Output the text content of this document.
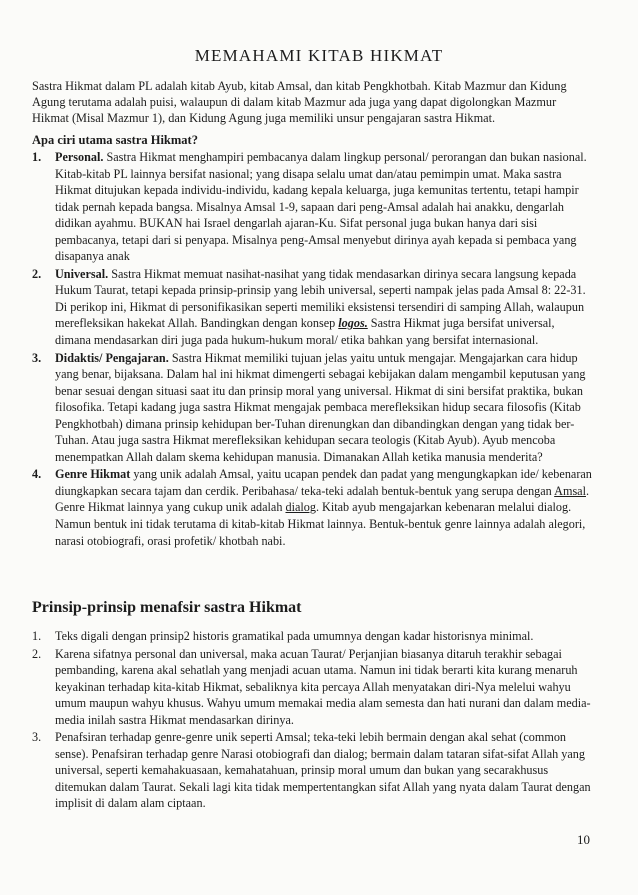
MEMAHAMI KITAB HIKMAT

Sastra Hikmat dalam PL adalah kitab Ayub, kitab Amsal, dan kitab Pengkhotbah. Kitab Mazmur dan Kidung Agung terutama adalah puisi, walaupun di dalam kitab Mazmur ada juga yang dapat digolongkan Mazmur Hikmat (Misal Mazmur 1), dan Kidung Agung juga memiliki unsur pengajaran sastra Hikmat.

Apa ciri utama sastra Hikmat?
1. Personal. Sastra Hikmat menghampiri pembacanya dalam lingkup personal/ perorangan dan bukan nasional. Kitab-kitab PL lainnya bersifat nasional; yang disapa selalu umat dan/atau pemimpin umat. Maka sastra Hikmat ditujukan kepada individu-individu, kadang kepala keluarga, juga kemunitas tertentu, tetapi hampir tidak pernah kepada bangsa. Misalnya Amsal 1-9, sapaan dari peng-Amsal adalah hai anakku, dengarlah didikan ayahmu. BUKAN hai Israel dengarlah ajaran-Ku. Sifat personal juga bukan hanya dari sisi pembacanya, tetapi dari si penyapa. Misalnya peng-Amsal menyebut dirinya ayah kepada si pembaca yang disapanya anak
2. Universal. Sastra Hikmat memuat nasihat-nasihat yang tidak mendasarkan dirinya secara langsung kepada Hukum Taurat, tetapi kepada prinsip-prinsip yang lebih universal, seperti nampak jelas pada Amsal 8: 22-31. Di perikop ini, Hikmat di personifikasikan seperti memiliki eksistensi tersendiri di samping Allah, walaupun merefleksikan hakekat Allah. Bandingkan dengan konsep logos. Sastra Hikmat juga bersifat universal, dimana mendasarkan diri juga pada hukum-hukum moral/ etika bahkan yang bersifat internasional.
3. Didaktis/ Pengajaran. Sastra Hikmat memiliki tujuan jelas yaitu untuk mengajar. Mengajarkan cara hidup yang benar, bijaksana. Dalam hal ini hikmat dimengerti sebagai kebijakan dalam mengambil keputusan yang benar sesuai dengan situasi saat itu dan prinsip moral yang universal. Hikmat di sini bersifat praktika, bukan filosofika. Tetapi kadang juga sastra Hikmat mengajak pembaca merefleksikan hidup secara filosofis (Kitab Pengkhotbah) dimana prinsip kehidupan ber-Tuhan direnungkan dan dibandingkan dengan yang tidak ber-Tuhan. Atau juga sastra Hikmat merefleksikan kehidupan secara teologis (Kitab Ayub). Ayub mencoba menempatkan Allah dalam skema kehidupan manusia. Dimanakan Allah ketika manusia menderita?
4. Genre Hikmat yang unik adalah Amsal, yaitu ucapan pendek dan padat yang mengungkapkan ide/ kebenaran diungkapkan secara tajam dan cerdik. Peribahasa/ teka-teki adalah bentuk-bentuk yang serupa dengan Amsal. Genre Hikmat lainnya yang cukup unik adalah dialog. Kitab ayub mengajarkan kebenaran melalui dialog. Namun bentuk ini tidak terutama di kitab-kitab Hikmat lainnya. Bentuk-bentuk genre lainnya adalah alegori, narasi otobiografi, orasi profetik/ khotbah nabi.
Prinsip-prinsip menafsir sastra Hikmat
1. Teks digali dengan prinsip2 historis gramatikal pada umumnya dengan kadar historisnya minimal.
2. Karena sifatnya personal dan universal, maka acuan Taurat/ Perjanjian biasanya ditaruh terakhir sebagai pembanding, karena akal sehatlah yang menjadi acuan utama. Namun ini tidak berarti kita kurang menaruh keyakinan terhadap kita-kitab Hikmat, sebaliknya kita percaya Allah menyatakan diri-Nya melelui wahyu umum maupun wahyu khusus. Wahyu umum memakai media alam semesta dan hati nurani dan dalam media-media inilah sastra Hikmat mendasarkan dirinya.
3. Penafsiran terhadap genre-genre unik seperti Amsal; teka-teki lebih bermain dengan akal sehat (common sense). Penafsiran terhadap genre Narasi otobiografi dan dialog; bermain dalam tataran sifat-sifat Allah yang universal, seperti kemahakuasaan, kemahatahuan, prinsip moral umum dan bukan yang secarakhusus ditemukan dalam Taurat. Sekali lagi kita tidak mempertentangkan sifat Allah yang nyata dalam Taurat dengan implisit di dalam alam ciptaan.
10
